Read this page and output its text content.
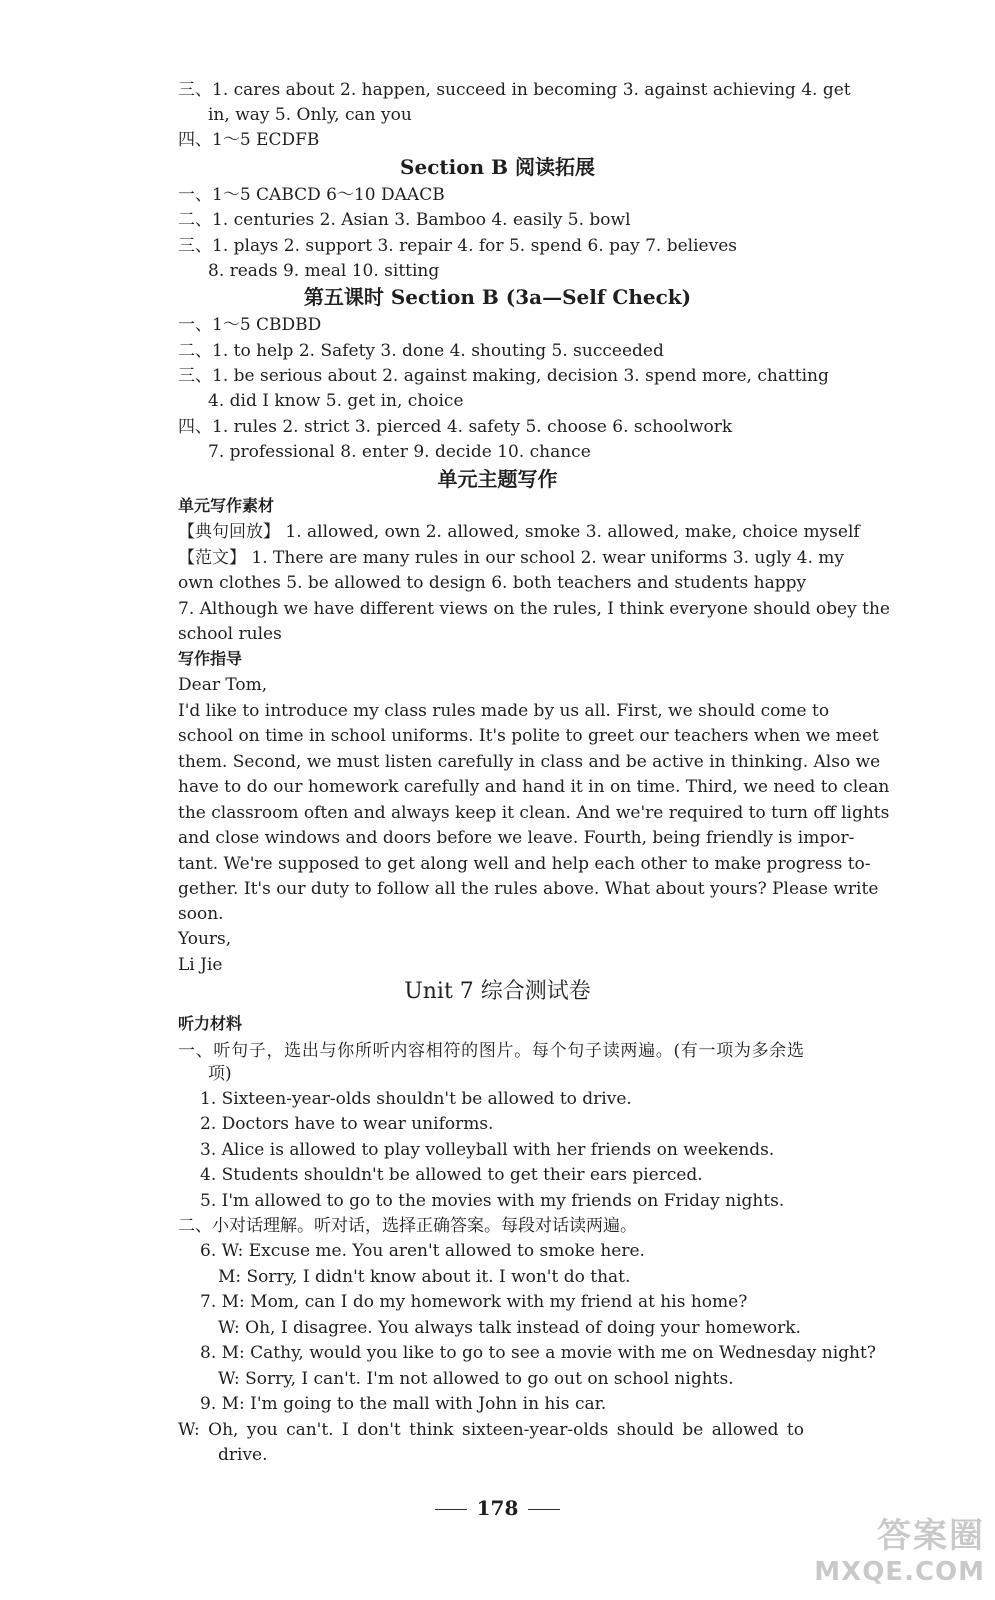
178
答案圈
MXQE.COM
Section B 阅读拓展
第五课时 Section B (3a—Self Check)
单元主题写作
Unit 7 综合测试卷
单元写作素材
写作指导
听力材料
三、1. cares about 2. happen, succeed in becoming 3. against achieving 4. get
in, way 5. Only, can you
四、1～5 ECDFB
一、1～5 CABCD 6～10 DAACB
二、1. centuries 2. Asian 3. Bamboo 4. easily 5. bowl
三、1. plays 2. support 3. repair 4. for 5. spend 6. pay 7. believes
8. reads 9. meal 10. sitting
一、1～5 CBDBD
二、1. to help 2. Safety 3. done 4. shouting 5. succeeded
三、1. be serious about 2. against making, decision 3. spend more, chatting
4. did I know 5. get in, choice
四、1. rules 2. strict 3. pierced 4. safety 5. choose 6. schoolwork
7. professional 8. enter 9. decide 10. chance
【典句回放】 1. allowed, own 2. allowed, smoke 3. allowed, make, choice myself
【范文】 1. There are many rules in our school 2. wear uniforms 3. ugly 4. my
own clothes 5. be allowed to design 6. both teachers and students happy
7. Although we have different views on the rules, I think everyone should obey the
school rules
Dear Tom,
I'd like to introduce my class rules made by us all. First, we should come to
school on time in school uniforms. It's polite to greet our teachers when we meet
them. Second, we must listen carefully in class and be active in thinking. Also we
have to do our homework carefully and hand it in on time. Third, we need to clean
the classroom often and always keep it clean. And we're required to turn off lights
and close windows and doors before we leave. Fourth, being friendly is impor-
tant. We're supposed to get along well and help each other to make progress to-
gether. It's our duty to follow all the rules above. What about yours? Please write
soon.
Yours,
Li Jie
一、听句子，选出与你所听内容相符的图片。每个句子读两遍。(有一项为多余选
项)
1. Sixteen-year-olds shouldn't be allowed to drive.
2. Doctors have to wear uniforms.
3. Alice is allowed to play volleyball with her friends on weekends.
4. Students shouldn't be allowed to get their ears pierced.
5. I'm allowed to go to the movies with my friends on Friday nights.
二、小对话理解。听对话，选择正确答案。每段对话读两遍。
6. W: Excuse me. You aren't allowed to smoke here.
M: Sorry, I didn't know about it. I won't do that.
7. M: Mom, can I do my homework with my friend at his home?
W: Oh, I disagree. You always talk instead of doing your homework.
8. M: Cathy, would you like to go to see a movie with me on Wednesday night?
W: Sorry, I can't. I'm not allowed to go out on school nights.
9. M: I'm going to the mall with John in his car.
W: Oh, you can't. I don't think sixteen-year-olds should be allowed to
drive.
